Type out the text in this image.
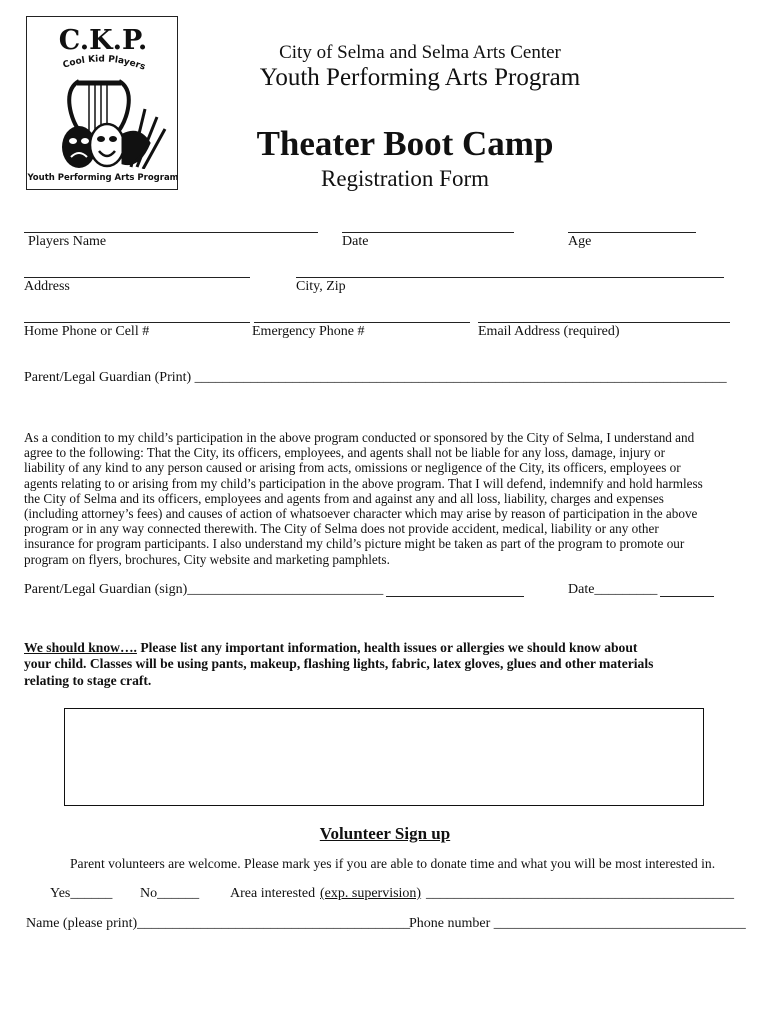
C.K.P.
Cool Kid Players
Youth Performing Arts Program
City of Selma and Selma Arts Center
Youth Performing Arts Program
Theater Boot Camp
Registration Form
Players Name	Date	Age
Address	City, Zip
Home Phone or Cell #	Emergency Phone #	Email Address (required)
Parent/Legal Guardian (Print) ____________________________________________________________________________
As a condition to my child’s participation in the above program conducted or sponsored by the City of Selma, I understand and
agree to the following: That the City, its officers, employees, and agents shall not be liable for any loss, damage, injury or
liability of any kind to any person caused or arising from acts, omissions or negligence of the City, its officers, employees or
agents relating to or arising from my child’s participation in the above program. That I will defend, indemnify and hold harmless
the City of Selma and its officers, employees and agents from and against any and all loss, liability, charges and expenses
(including attorney’s fees) and causes of action of whatsoever character which may arise by reason of participation in the above
program or in any way connected therewith. The City of Selma does not provide accident, medical, liability or any other
insurance for program participants. I also understand my child’s picture might be taken as part of the program to promote our
program on flyers, brochures, City website and marketing pamphlets.
Parent/Legal Guardian (sign)____________________________	Date_________
We should know…. Please list any important information, health issues or allergies we should know about
your child. Classes will be using pants, makeup, flashing lights, fabric, latex gloves, glues and other materials
relating to stage craft.
Volunteer Sign up
Parent volunteers are welcome. Please mark yes if you are able to donate time and what you will be most interested in.
Yes______ No______ Area interested (exp. supervision) ____________________________________________
Name (please print)_______________________________________
Phone number ____________________________________
